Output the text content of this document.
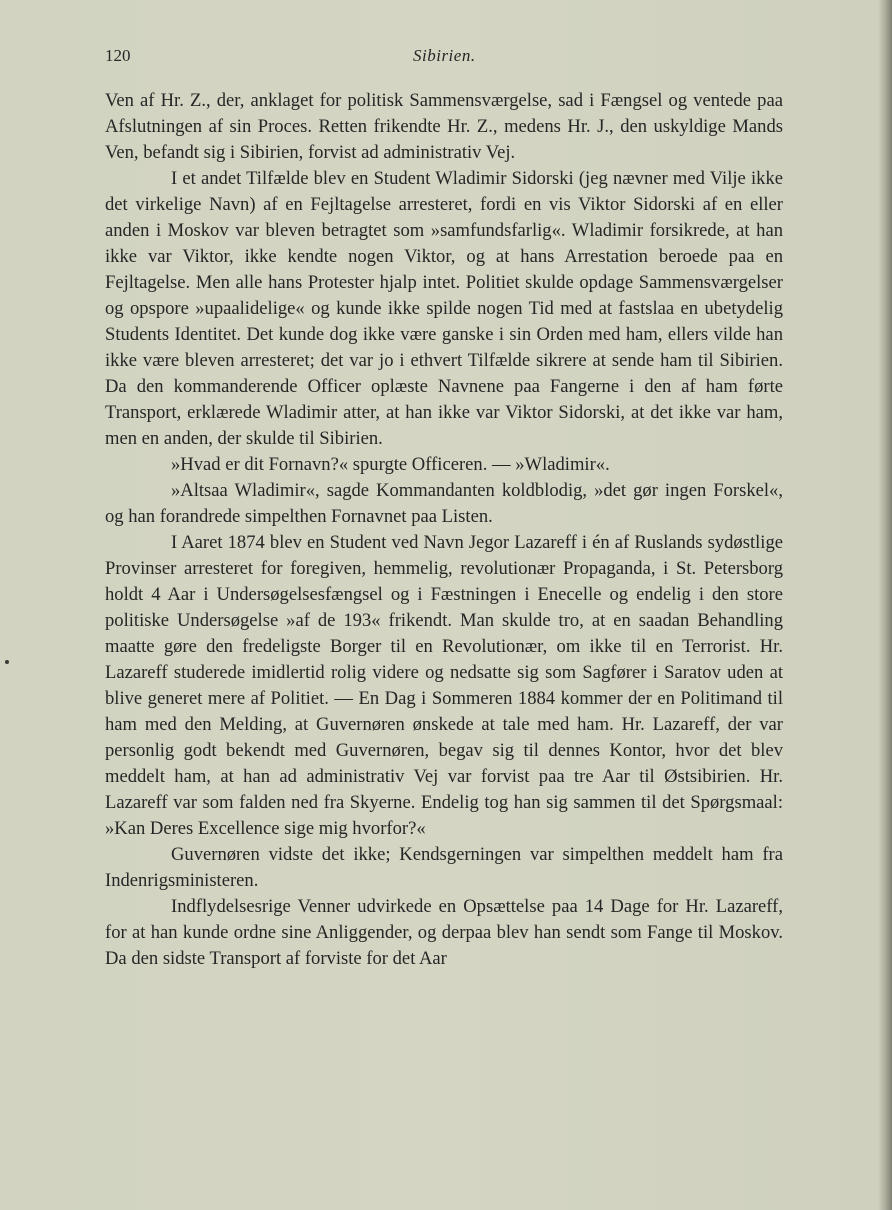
120	Sibirien.

Ven af Hr. Z., der, anklaget for politisk Sammensværgelse, sad i Fængsel og ventede paa Afslutningen af sin Proces. Retten frikendte Hr. Z., medens Hr. J., den uskyldige Mands Ven, befandt sig i Sibirien, forvist ad administrativ Vej.

I et andet Tilfælde blev en Student Wladimir Sidorski (jeg nævner med Vilje ikke det virkelige Navn) af en Fejltagelse arresteret, fordi en vis Viktor Sidorski af en eller anden i Moskov var bleven betragtet som »samfundsfarlig«. Wladimir forsikrede, at han ikke var Viktor, ikke kendte nogen Viktor, og at hans Arrestation beroede paa en Fejltagelse. Men alle hans Protester hjalp intet. Politiet skulde opdage Sammensværgelser og opspore »upaalidelige« og kunde ikke spilde nogen Tid med at fastslaa en ubetydelig Students Identitet. Det kunde dog ikke være ganske i sin Orden med ham, ellers vilde han ikke være bleven arresteret; det var jo i ethvert Tilfælde sikrere at sende ham til Sibirien. Da den kommanderende Officer oplæste Navnene paa Fangerne i den af ham førte Transport, erklærede Wladimir atter, at han ikke var Viktor Sidorski, at det ikke var ham, men en anden, der skulde til Sibirien.

»Hvad er dit Fornavn?« spurgte Officeren. — »Wladimir«.

»Altsaa Wladimir«, sagde Kommandanten koldblodig, »det gør ingen Forskel«, og han forandrede simpelthen Fornavnet paa Listen.

I Aaret 1874 blev en Student ved Navn Jegor Lazareff i én af Ruslands sydøstlige Provinser arresteret for foregiven, hemmelig, revolutionær Propaganda, i St. Petersborg holdt 4 Aar i Undersøgelsesfængsel og i Fæstningen i Enecelle og endelig i den store politiske Undersøgelse »af de 193« frikendt. Man skulde tro, at en saadan Behandling maatte gøre den fredeligste Borger til en Revolutionær, om ikke til en Terrorist. Hr. Lazareff studerede imidlertid rolig videre og nedsatte sig som Sagfører i Saratov uden at blive generet mere af Politiet. — En Dag i Sommeren 1884 kommer der en Politimand til ham med den Melding, at Guvernøren ønskede at tale med ham. Hr. Lazareff, der var personlig godt bekendt med Guvernøren, begav sig til dennes Kontor, hvor det blev meddelt ham, at han ad administrativ Vej var forvist paa tre Aar til Østsibirien. Hr. Lazareff var som falden ned fra Skyerne. Endelig tog han sig sammen til det Spørgsmaal: »Kan Deres Excellence sige mig hvorfor?«

Guvernøren vidste det ikke; Kendsgerningen var simpelthen meddelt ham fra Indenrigsministeren.

Indflydelsesrige Venner udvirkede en Opsættelse paa 14 Dage for Hr. Lazareff, for at han kunde ordne sine Anliggender, og derpaa blev han sendt som Fange til Moskov. Da den sidste Transport af forviste for det Aar
